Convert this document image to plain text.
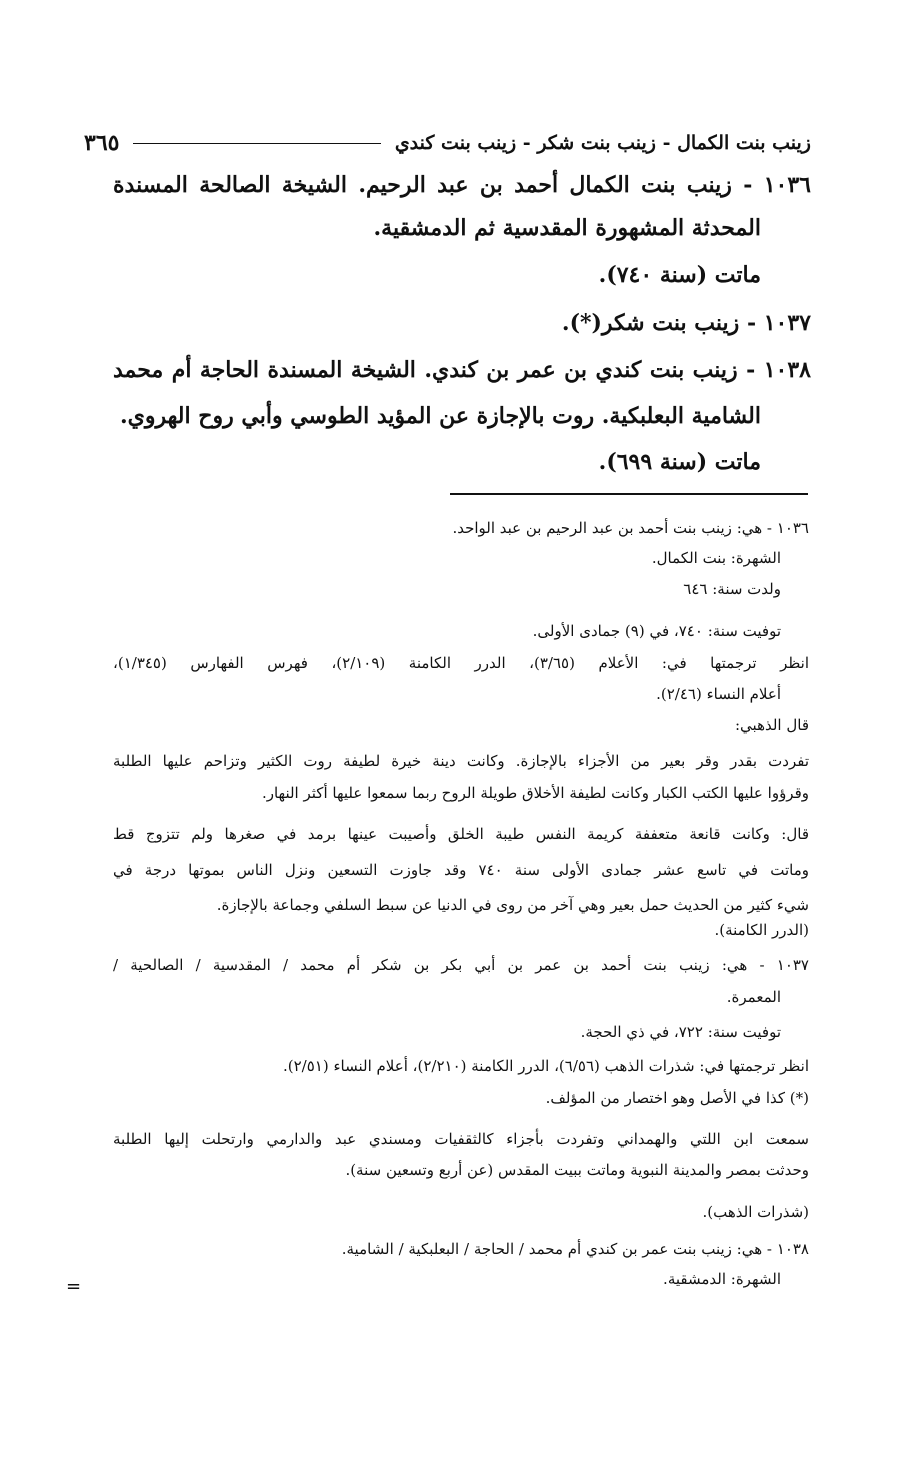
زينب بنت الكمال - زينب بنت شكر - زينب بنت كندي
٣٦٥
١٠٣٦ - زينب بنت الكمال أحمد بن عبد الرحيم. الشيخة الصالحة المسندة
المحدثة المشهورة المقدسية ثم الدمشقية.
ماتت (سنة ٧٤٠).
١٠٣٧ - زينب بنت شكر(*).
١٠٣٨ - زينب بنت كندي بن عمر بن كندي. الشيخة المسندة الحاجة أم محمد
الشامية البعلبكية. روت بالإجازة عن المؤيد الطوسي وأبي روح الهروي.
ماتت (سنة ٦٩٩).
١٠٣٦ - هي: زينب بنت أحمد بن عبد الرحيم بن عبد الواحد.
الشهرة: بنت الكمال.
ولدت سنة: ٦٤٦
توفيت سنة: ٧٤٠، في (٩) جمادى الأولى.
انظر ترجمتها في: الأعلام (٣/٦٥)، الدرر الكامنة (٢/١٠٩)، فهرس الفهارس (١/٣٤٥)،
أعلام النساء (٢/٤٦).
قال الذهبي:
تفردت بقدر وقر بعير من الأجزاء بالإجازة. وكانت دينة خيرة لطيفة روت الكثير وتزاحم عليها الطلبة
وقرؤوا عليها الكتب الكبار وكانت لطيفة الأخلاق طويلة الروح ربما سمعوا عليها أكثر النهار.
قال: وكانت قانعة متعففة كريمة النفس طيبة الخلق وأصيبت عينها برمد في صغرها ولم تتزوج قط
وماتت في تاسع عشر جمادى الأولى سنة ٧٤٠ وقد جاوزت التسعين ونزل الناس بموتها درجة في
شيء كثير من الحديث حمل بعير وهي آخر من روى في الدنيا عن سبط السلفي وجماعة بالإجازة.
(الدرر الكامنة).
١٠٣٧ - هي: زينب بنت أحمد بن عمر بن أبي بكر بن شكر أم محمد / المقدسية / الصالحية /
المعمرة.
توفيت سنة: ٧٢٢، في ذي الحجة.
انظر ترجمتها في: شذرات الذهب (٦/٥٦)، الدرر الكامنة (٢/٢١٠)، أعلام النساء (٢/٥١).
(*) كذا في الأصل وهو اختصار من المؤلف.
سمعت ابن اللتي والهمداني وتفردت بأجزاء كالثقفيات ومسندي عبد والدارمي وارتحلت إليها الطلبة
وحدثت بمصر والمدينة النبوية وماتت ببيت المقدس (عن أربع وتسعين سنة).
(شذرات الذهب).
١٠٣٨ - هي: زينب بنت عمر بن كندي أم محمد / الحاجة / البعلبكية / الشامية.
الشهرة: الدمشقية.
=
